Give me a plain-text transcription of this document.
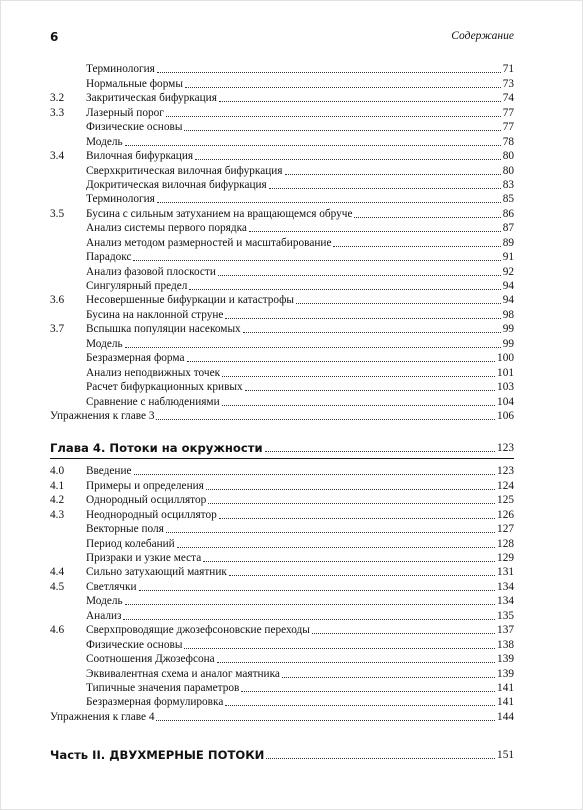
6	Содержание
Терминология	71
Нормальные формы	73
3.2 Закритическая бифуркация	74
3.3 Лазерный порог	77
Физические основы	77
Модель	78
3.4 Вилочная бифуркация	80
Сверхкритическая вилочная бифуркация	80
Докритическая вилочная бифуркация	83
Терминология	85
3.5 Бусина с сильным затуханием на вращающемся обруче	86
Анализ системы первого порядка	87
Анализ методом размерностей и масштабирование	89
Парадокс	91
Анализ фазовой плоскости	92
Сингулярный предел	94
3.6 Несовершенные бифуркации и катастрофы	94
Бусина на наклонной струне	98
3.7 Вспышка популяции насекомых	99
Модель	99
Безразмерная форма	100
Анализ неподвижных точек	101
Расчет бифуркационных кривых	103
Сравнение с наблюдениями	104
Упражнения к главе 3	106
Глава 4. Потоки на окружности	123
4.0 Введение	123
4.1 Примеры и определения	124
4.2 Однородный осциллятор	125
4.3 Неоднородный осциллятор	126
Векторные поля	127
Период колебаний	128
Призраки и узкие места	129
4.4 Сильно затухающий маятник	131
4.5 Светлячки	134
Модель	134
Анализ	135
4.6 Сверхпроводящие джозефсоновские переходы	137
Физические основы	138
Соотношения Джозефсона	139
Эквивалентная схема и аналог маятника	139
Типичные значения параметров	141
Безразмерная формулировка	141
Упражнения к главе 4	144
Часть II. ДВУХМЕРНЫЕ ПОТОКИ	151
